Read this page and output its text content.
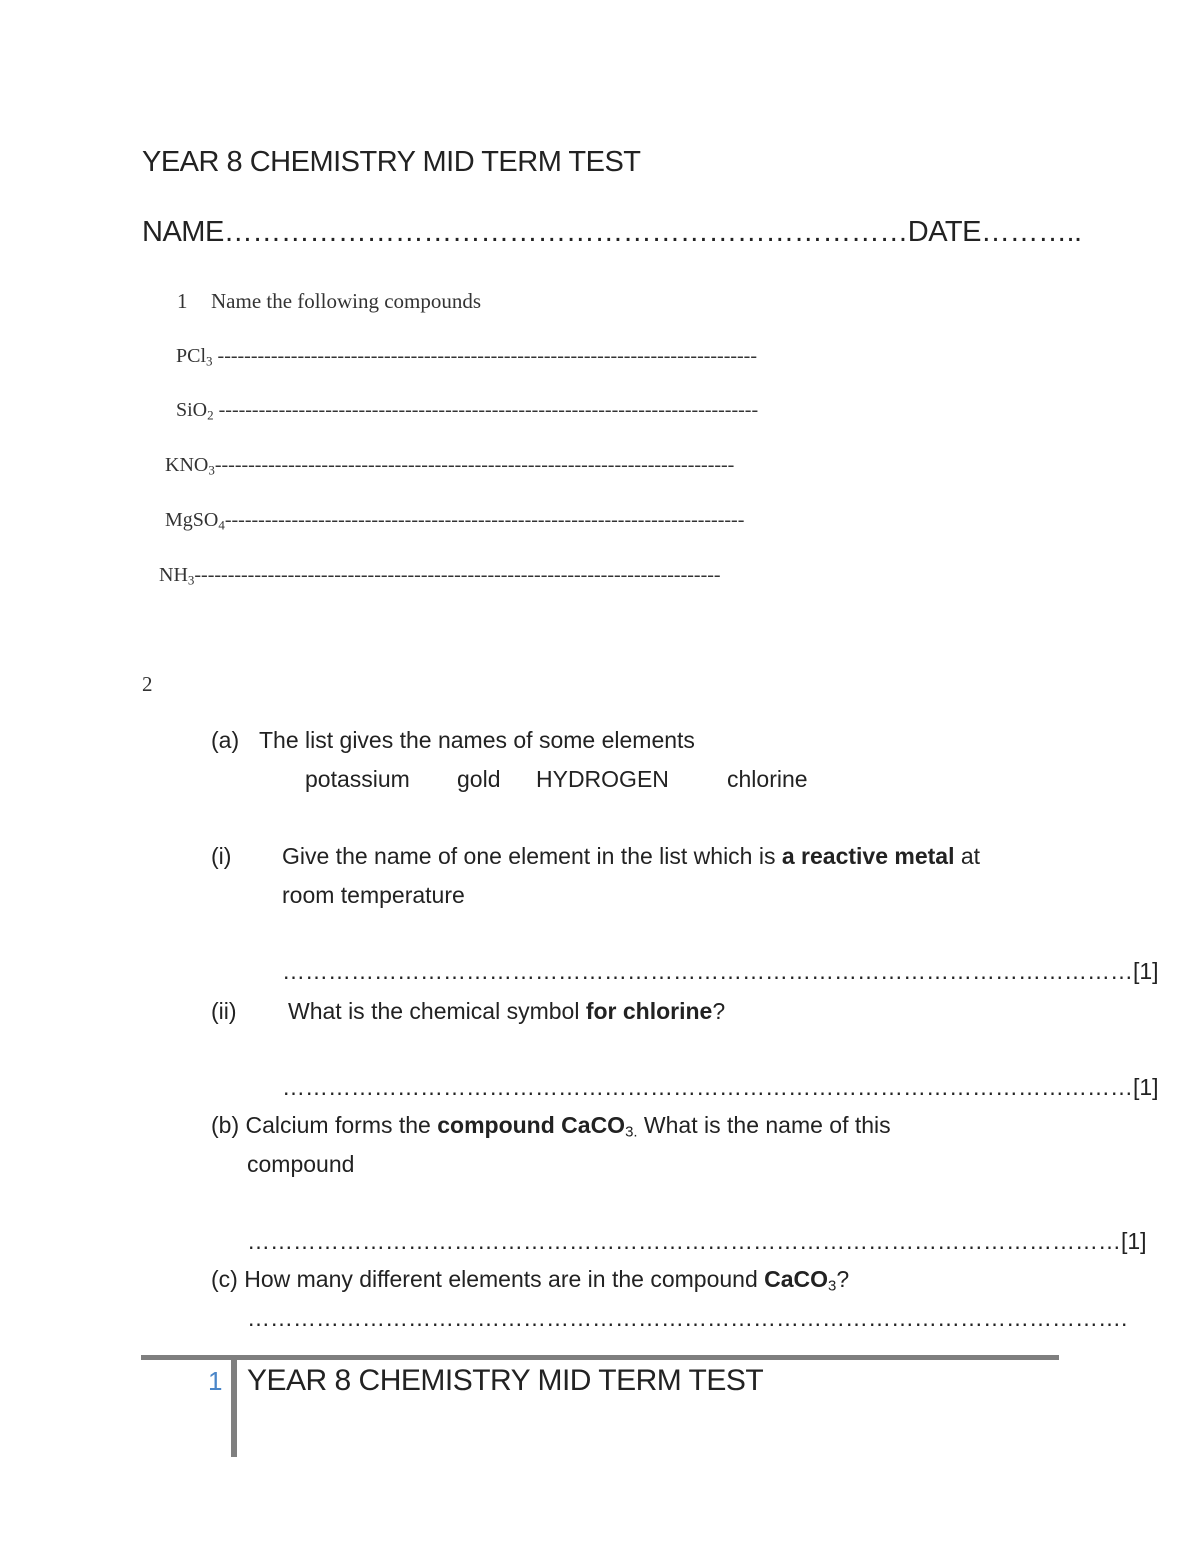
YEAR 8 CHEMISTRY MID TERM TEST
NAME………………………………………………………………DATE………..
1 Name the following compounds
PCl$_3$ ---------------------------------------------------------------------------------
SiO$_2$ ---------------------------------------------------------------------------------
$KNO_3------------------------------------------------------------------------------$
MgSO$_4$------------------------------------------------------------------------------
$NH_3-------------------------------------------------------------------------------$
2
(a) The list gives the names of some elements
potassium gold HYDROGEN	chlorine
(i) Give the name of one element in the list which is a reactive metal at
room temperature
…………………………………………………………………………………………………[1]
(ii) What is the chemical symbol for chlorine?
…………………………………………………………………………………………………[1]
(b) Calcium forms the compound CaCO$_{3.}$ What is the name of this
compound
……………………………………………………………………………………………………[1]
(c) How many different elements are in the compound CaCO$_3$?
…………………………………………………………………………………………………….
1 YEAR 8 CHEMISTRY MID TERM TEST
